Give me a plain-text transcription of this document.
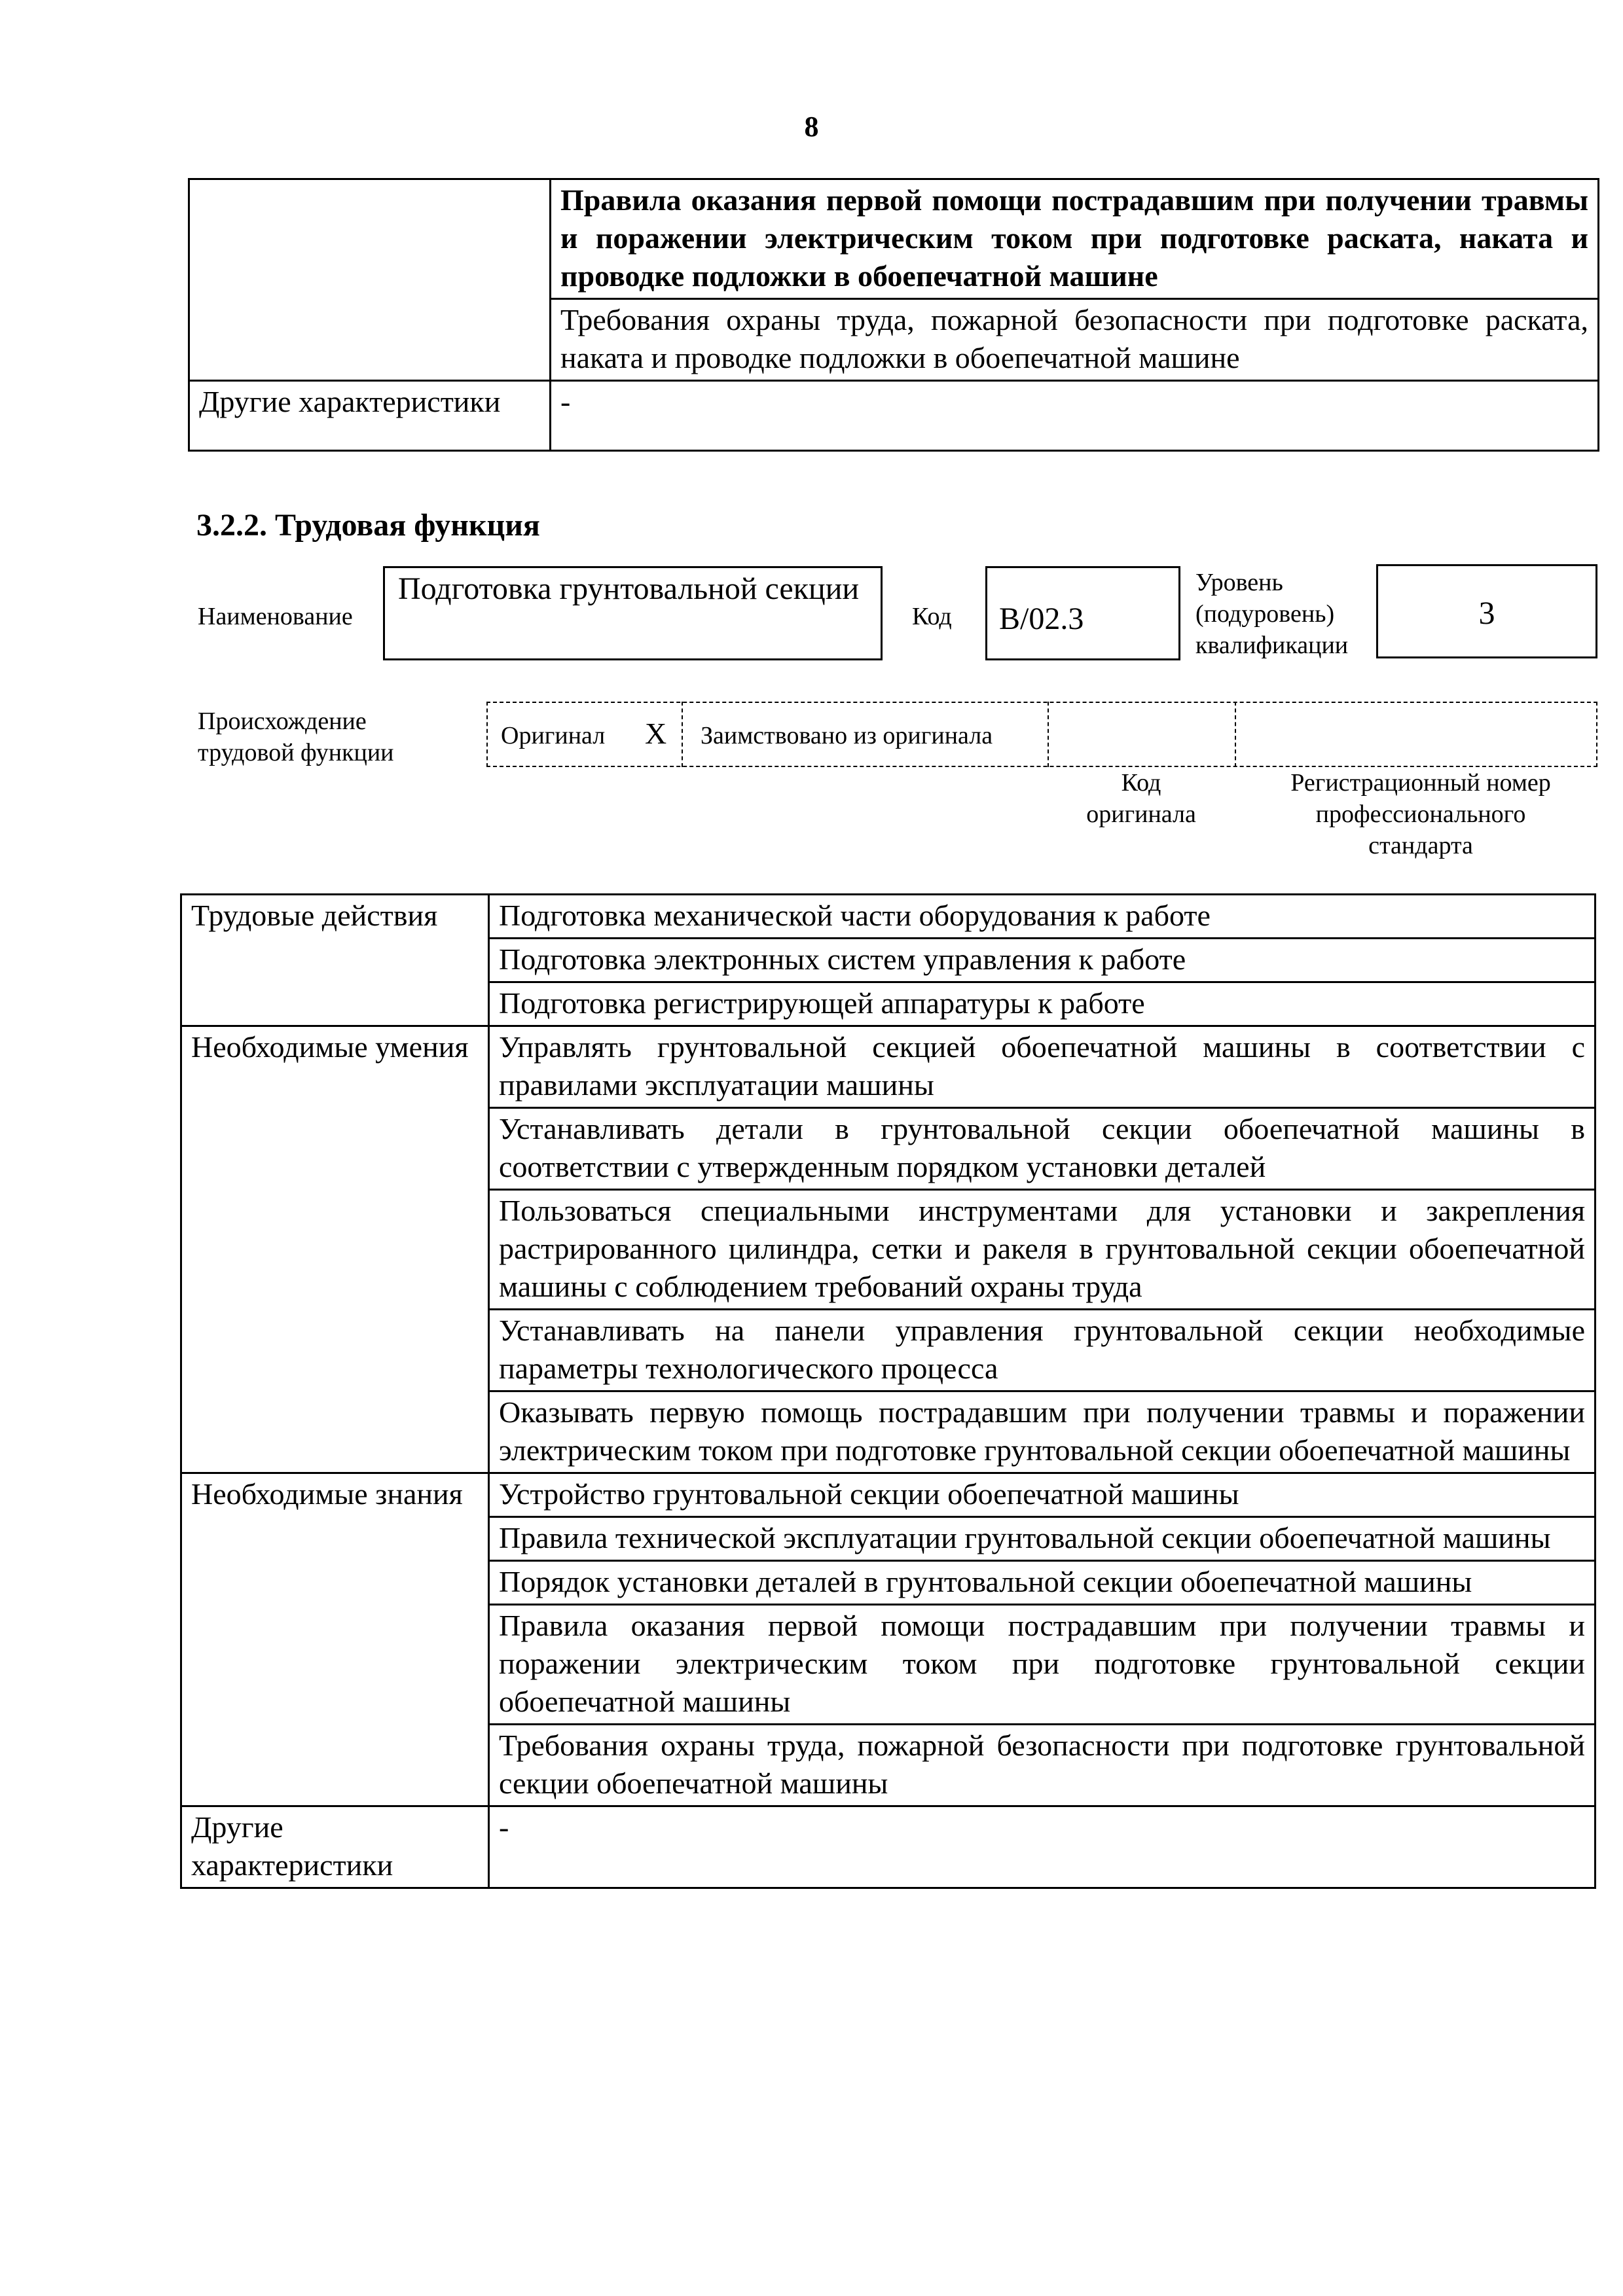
8
	Правила оказания первой помощи пострадавшим при получении травмы и поражении электрическим током при подготовке раската, наката и проводке подложки в обоепечатной машине
	Требования охраны труда, пожарной безопасности при подготовке раската, наката и проводке подложки в обоепечатной машине
Другие характеристики	-
3.2.2. Трудовая функция
Наименование
Подготовка грунтовальной секции
Код	В/02.3
Уровень
(подуровень)
квалификации
3
Происхождение
трудовой функции
Оригинал X Заимствовано из оригинала
Код
оригинала
Регистрационный номер
профессионального
стандарта
Трудовые действия	Подготовка механической части оборудования к работе
	Подготовка электронных систем управления к работе
	Подготовка регистрирующей аппаратуры к работе
Необходимые умения	Управлять грунтовальной секцией обоепечатной машины в соответствии с правилами эксплуатации машины
	Устанавливать детали в грунтовальной секции обоепечатной машины в соответствии с утвержденным порядком установки деталей
	Пользоваться специальными инструментами для установки и закрепления растрированного цилиндра, сетки и ракеля в грунтовальной секции обоепечатной машины с соблюдением требований охраны труда
	Устанавливать на панели управления грунтовальной секции необходимые параметры технологического процесса
	Оказывать первую помощь пострадавшим при получении травмы и поражении электрическим током при подготовке грунтовальной секции обоепечатной машины
Необходимые знания	Устройство грунтовальной секции обоепечатной машины
	Правила технической эксплуатации грунтовальной секции обоепечатной машины
	Порядок установки деталей в грунтовальной секции обоепечатной машины
	Правила оказания первой помощи пострадавшим при получении травмы и поражении электрическим током при подготовке грунтовальной секции обоепечатной машины
	Требования охраны труда, пожарной безопасности при подготовке грунтовальной секции обоепечатной машины
Другие характеристики	-
